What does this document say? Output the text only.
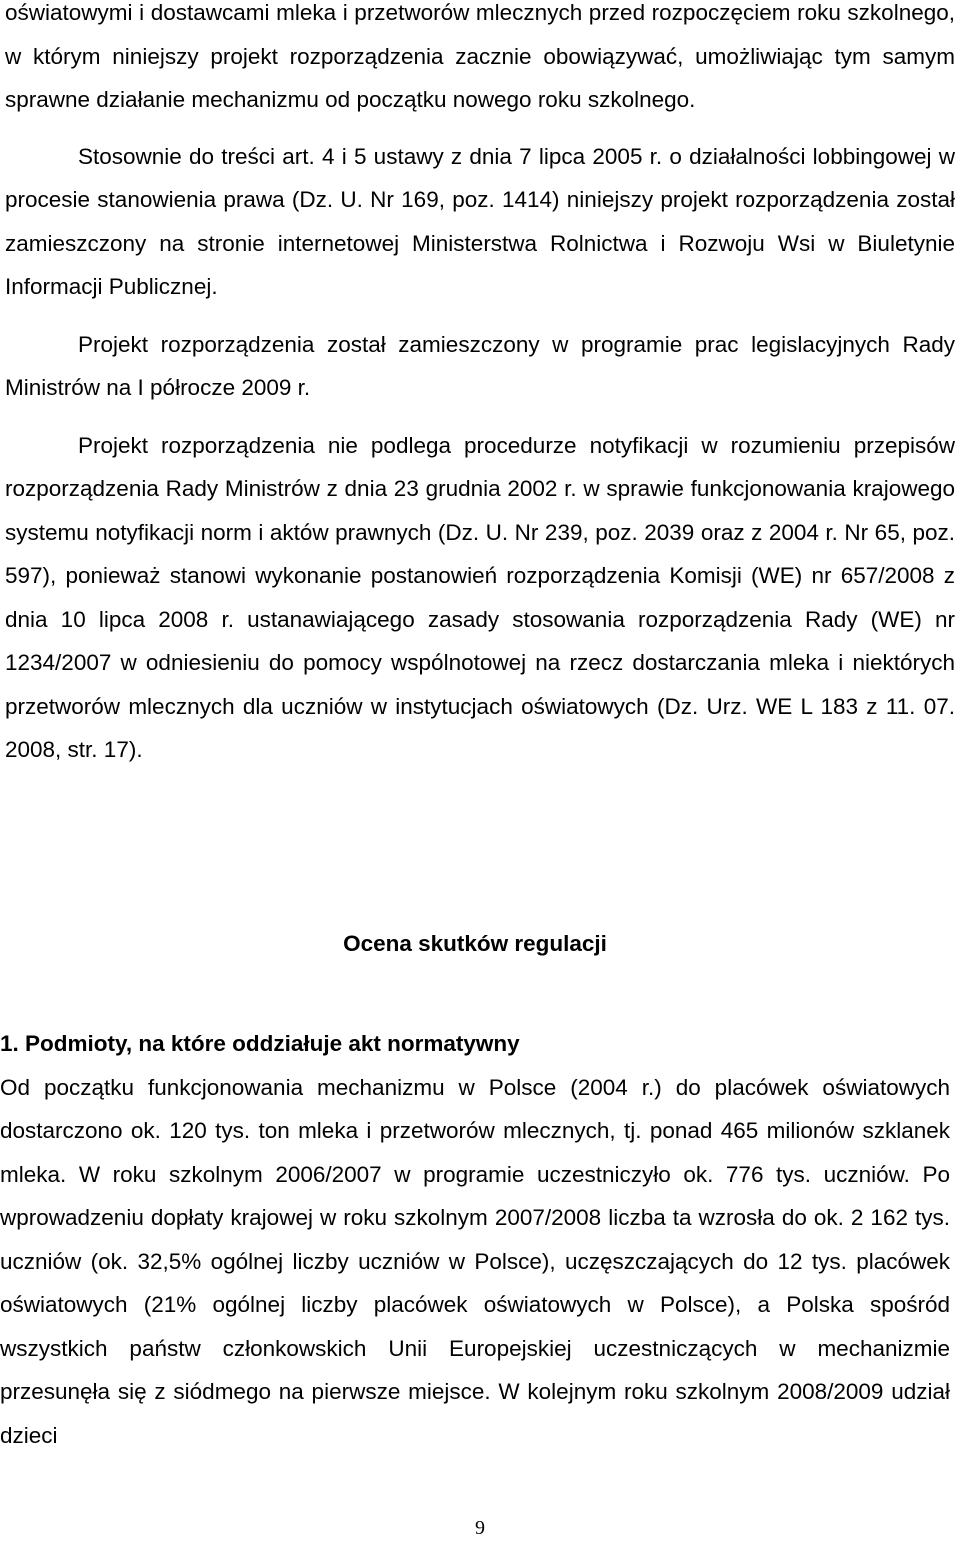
oświatowymi i dostawcami mleka i przetworów mlecznych przed rozpoczęciem roku szkolnego, w którym niniejszy projekt rozporządzenia zacznie obowiązywać, umożliwiając tym samym sprawne działanie mechanizmu od początku nowego roku szkolnego.

Stosownie do treści art. 4 i 5 ustawy z dnia 7 lipca 2005 r. o działalności lobbingowej w procesie stanowienia prawa (Dz. U. Nr 169, poz. 1414) niniejszy projekt rozporządzenia został zamieszczony na stronie internetowej Ministerstwa Rolnictwa i Rozwoju Wsi w Biuletynie Informacji Publicznej.

Projekt rozporządzenia został zamieszczony w programie prac legislacyjnych Rady Ministrów na I półrocze 2009 r.

Projekt rozporządzenia nie podlega procedurze notyfikacji w rozumieniu przepisów rozporządzenia Rady Ministrów z dnia 23 grudnia 2002 r. w sprawie funkcjonowania krajowego systemu notyfikacji norm i aktów prawnych (Dz. U. Nr 239, poz. 2039 oraz z 2004 r. Nr 65, poz. 597), ponieważ stanowi wykonanie postanowień rozporządzenia Komisji (WE) nr 657/2008 z dnia 10 lipca 2008 r. ustanawiającego zasady stosowania rozporządzenia Rady (WE) nr 1234/2007 w odniesieniu do pomocy wspólnotowej na rzecz dostarczania mleka i niektórych przetworów mlecznych dla uczniów w instytucjach oświatowych (Dz. Urz. WE L 183 z 11. 07. 2008, str. 17).

Ocena skutków regulacji

1. Podmioty, na które oddziałuje akt normatywny

Od początku funkcjonowania mechanizmu w Polsce (2004 r.) do placówek oświatowych dostarczono ok. 120 tys. ton mleka i przetworów mlecznych, tj. ponad 465 milionów szklanek mleka. W roku szkolnym 2006/2007 w programie uczestniczyło ok. 776 tys. uczniów. Po wprowadzeniu dopłaty krajowej w roku szkolnym 2007/2008 liczba ta wzrosła do ok. 2 162 tys. uczniów (ok. 32,5% ogólnej liczby uczniów w Polsce), uczęszczających do 12 tys. placówek oświatowych (21% ogólnej liczby placówek oświatowych w Polsce), a Polska spośród wszystkich państw członkowskich Unii Europejskiej uczestniczących w mechanizmie przesunęła się z siódmego na pierwsze miejsce. W kolejnym roku szkolnym 2008/2009 udział dzieci

9
